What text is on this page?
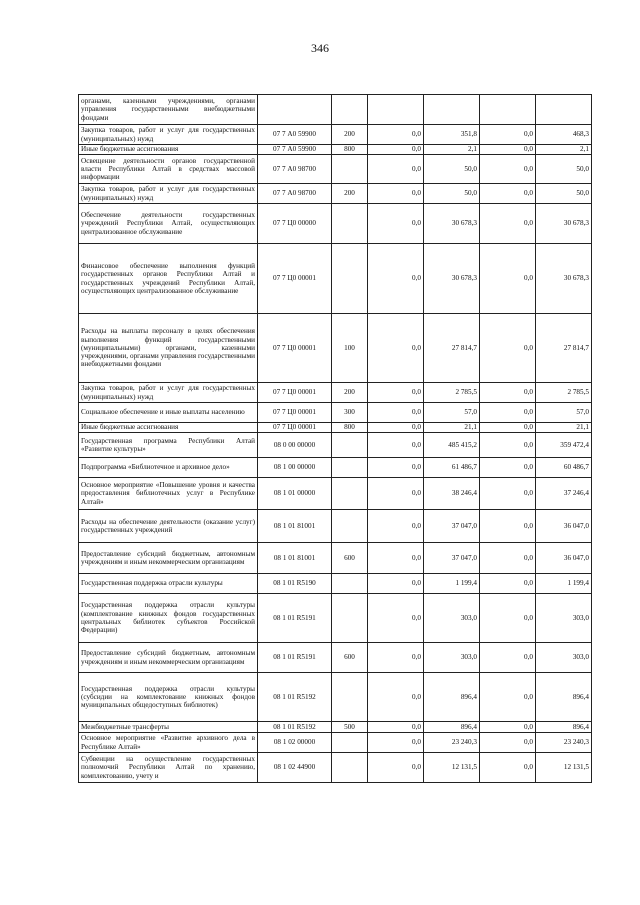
346
органами, казенными учреждениями, органами управления государственными внебюджетными фондами						
Закупка товаров, работ и услуг для государственных (муниципальных) нужд	07 7 А0 59900	200	0,0	351,8	0,0	468,3
Иные бюджетные ассигнования	07 7 А0 59900	800	0,0	2,1	0,0	2,1
Освещение деятельности органов государственной власти Республики Алтай в средствах массовой информации	07 7 А0 98700		0,0	50,0	0,0	50,0
Закупка товаров, работ и услуг для государственных (муниципальных) нужд	07 7 А0 98700	200	0,0	50,0	0,0	50,0
Обеспечение деятельности государственных учреждений Республики Алтай, осуществляющих централизованное обслуживание	07 7 Ц0 00000		0,0	30 678,3	0,0	30 678,3
Финансовое обеспечение выполнения функций государственных органов Республики Алтай и государственных учреждений Республики Алтай, осуществляющих централизованное обслуживание	07 7 Ц0 00001		0,0	30 678,3	0,0	30 678,3
Расходы на выплаты персоналу в целях обеспечения выполнения функций государственными (муниципальными) органами, казенными учреждениями, органами управления государственными внебюджетными фондами	07 7 Ц0 00001	100	0,0	27 814,7	0,0	27 814,7
Закупка товаров, работ и услуг для государственных (муниципальных) нужд	07 7 Ц0 00001	200	0,0	2 785,5	0,0	2 785,5
Социальное обеспечение и иные выплаты населению	07 7 Ц0 00001	300	0,0	57,0	0,0	57,0
Иные бюджетные ассигнования	07 7 Ц0 00001	800	0,0	21,1	0,0	21,1
Государственная программа Республики Алтай «Развитие культуры»	08 0 00 00000		0,0	485 415,2	0,0	359 472,4
Подпрограмма «Библиотечное и архивное дело»	08 1 00 00000		0,0	61 486,7	0,0	60 486,7
Основное мероприятие «Повышение уровня и качества предоставления библиотечных услуг в Республике Алтай»	08 1 01 00000		0,0	38 246,4	0,0	37 246,4
Расходы на обеспечение деятельности (оказание услуг) государственных учреждений	08 1 01 81001		0,0	37 047,0	0,0	36 047,0
Предоставление субсидий бюджетным, автономным учреждениям и иным некоммерческим организациям	08 1 01 81001	600	0,0	37 047,0	0,0	36 047,0
Государственная поддержка отрасли культуры	08 1 01 R5190		0,0	1 199,4	0,0	1 199,4
Государственная поддержка отрасли культуры (комплектование книжных фондов государственных центральных библиотек субъектов Российской Федерации)	08 1 01 R5191		0,0	303,0	0,0	303,0
Предоставление субсидий бюджетным, автономным учреждениям и иным некоммерческим организациям	08 1 01 R5191	600	0,0	303,0	0,0	303,0
Государственная поддержка отрасли культуры (субсидии на комплектование книжных фондов муниципальных общедоступных библиотек)	08 1 01 R5192		0,0	896,4	0,0	896,4
Межбюджетные трансферты	08 1 01 R5192	500	0,0	896,4	0,0	896,4
Основное мероприятие «Развитие архивного дела в Республике Алтай»	08 1 02 00000		0,0	23 240,3	0,0	23 240,3
Субвенции на осуществление государственных полномочий Республики Алтай по хранению, комплектованию, учету и	08 1 02 44900		0,0	12 131,5	0,0	12 131,5
